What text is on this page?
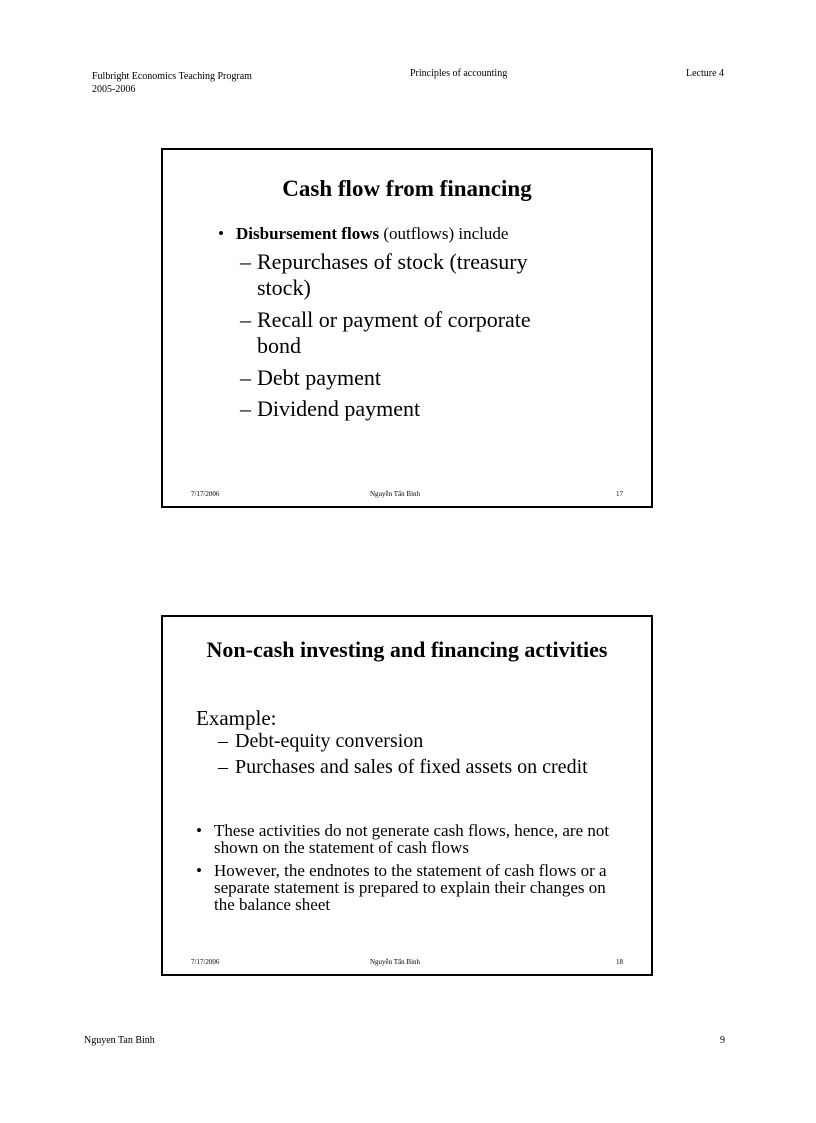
Fulbright Economics Teaching Program
2005-2006
Principles of accounting	Lecture 4
Cash flow from financing
• Disbursement flows (outflows) include
– Repurchases of stock (treasury stock)
– Recall or payment of corporate bond
– Debt payment
– Dividend payment
7/17/2006	Nguyễn Tấn Bình	17
Non-cash investing and financing activities
Example:
– Debt-equity conversion
– Purchases and sales of fixed assets on credit
• These activities do not generate cash flows, hence, are not shown on the statement of cash flows
• However, the endnotes to the statement of cash flows or a separate statement is prepared to explain their changes on the balance sheet
7/17/2006	Nguyễn Tấn Bình	18
Nguyen Tan Binh	9
